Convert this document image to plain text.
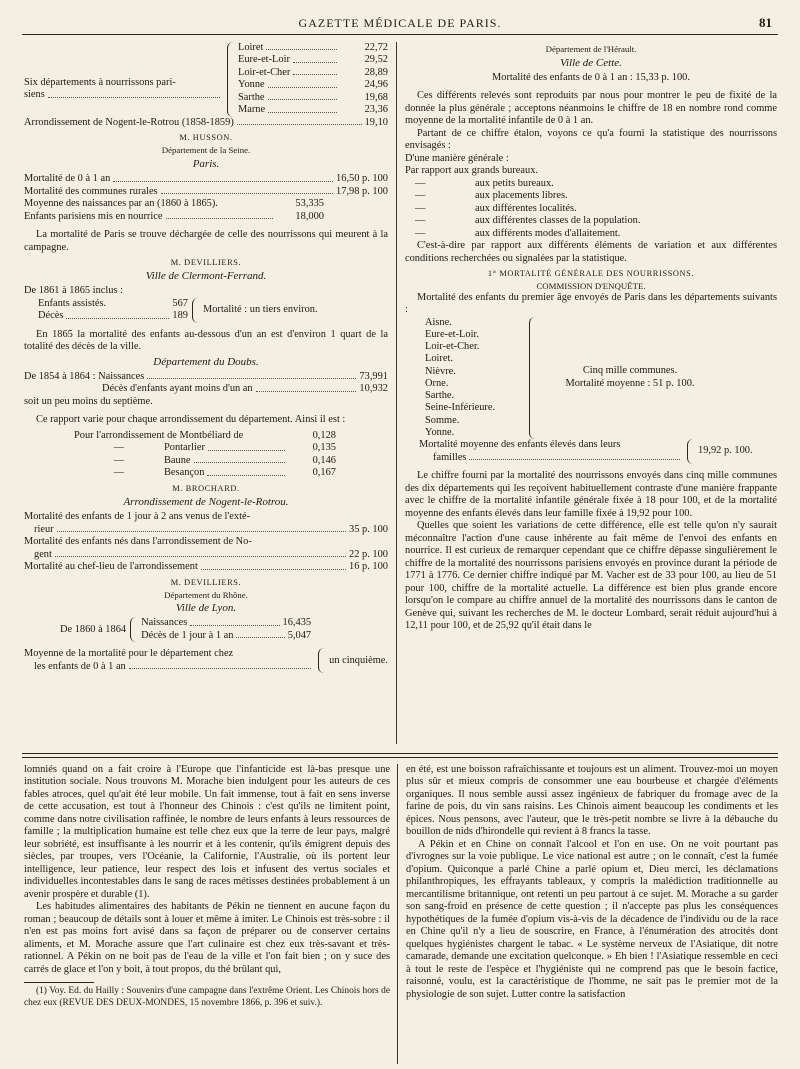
GAZETTE MÉDICALE DE PARIS.	81
Six départements à nourrissons pari-
siens
Loiret	22,72
Eure-et-Loir	29,52
Loir-et-Cher	28,89
Yonne	24,96
Sarthe	19,68
Marne	23,36
Arrondissement de Nogent-le-Rotrou (1858-1859)	19,10
M. HUSSON.
Département de la Seine.
Paris.
Mortalité de 0 à 1 an	16,50 p. 100
Mortalité des communes rurales	17,98 p. 100
Moyenne des naissances par an (1860 à 1865).	53,335
Enfants parisiens mis en nourrice	18,000

La mortalité de Paris se trouve déchargée de celle des nourrissons qui meurent à la campagne.

M. DEVILLIERS.
Ville de Clermont-Ferrand.
De 1861 à 1865 inclus :
Enfants assistés.	567
Décès	189
Mortalité : un tiers environ.

En 1865 la mortalité des enfants au-dessous d'un an est d'environ 1 quart de la totalité des décès de la ville.

Département du Doubs.
De 1854 à 1864 : Naissances	73,991
Décès d'enfants ayant moins d'un an	10,932
soit un peu moins du septième.

Ce rapport varie pour chaque arrondissement du département. Ainsi il est :

Pour l'arrondissement de
Montbéliard de	0,128
—	Pontarlier	0,135
—	Baune	0,146
—	Besançon	0,167
M. BROCHARD.
Arrondissement de Nogent-le-Rotrou.
Mortalité des enfants de 1 jour à 2 ans venus de l'exté-
rieur	35 p. 100
Mortalité des enfants nés dans l'arrondissement de No-
gent	22 p. 100
Mortalité au chef-lieu de l'arrondissement	16 p. 100
M. DEVILLIERS.
Département du Rhône.
Ville de Lyon.
De 1860 à 1864
Naissances	16,435
Décès de 1 jour à 1 an	5,047
Moyenne de la mortalité pour le département chez
les enfants de 0 à 1 an
un cinquième.
Département de l'Hérault.
Ville de Cette.
Mortalité des enfants de 0 à 1 an : 15,33 p. 100.

Ces différents relevés sont reproduits par nous pour montrer le peu de fixité de la donnée la plus générale ; acceptons néanmoins le chiffre de 18 en nombre rond comme moyenne de la mortalité infantile de 0 à 1 an.

Partant de ce chiffre étalon, voyons ce qu'a fourni la statistique des nourrissons envisagés :

D'une manière générale :
Par rapport aux grands bureaux.
—	aux petits bureaux.
—	aux placements libres.
—	aux différentes localités.
—	aux différentes classes de la population.
—	aux différents modes d'allaitement.

C'est-à-dire par rapport aux différents éléments de variation et aux différentes conditions recherchées ou signalées par la statistique.

1° MORTALITÉ GÉNÉRALE DES NOURRISSONS.
COMMISSION D'ENQUÊTE.

Mortalité des enfants du premier âge envoyés de Paris dans les départements suivants :

Aisne.
Eure-et-Loir.
Loir-et-Cher.
Loiret.
Nièvre.
Orne.
Sarthe.
Seine-Inférieure.
Somme.
Yonne.
Cinq mille communes.
Mortalité moyenne : 51 p. 100.
Mortalité moyenne des enfants élevés dans leurs
familles
19,92 p. 100.

Le chiffre fourni par la mortalité des nourrissons envoyés dans cinq mille communes des dix départements qui les reçoivent habituellement contraste d'une manière frappante avec le chiffre de la mortalité infantile générale fixée à 18 pour 100, et de la mortalité moyenne des enfants élevés dans leur famille fixée à 19,92 pour 100.

Quelles que soient les variations de cette différence, elle est telle qu'on n'y saurait méconnaître l'action d'une cause inhérente au fait même de l'envoi des enfants en nourrice. Il est curieux de remarquer cependant que ce chiffre dépasse singulièrement le chiffre de la mortalité des nourrissons parisiens envoyés en province durant la période de 1771 à 1776. Ce dernier chiffre indiqué par M. Vacher est de 33 pour 100, au lieu de 51 pour 100, chiffre de la mortalité actuelle. La différence est bien plus grande encore lorsqu'on le compare au chiffre annuel de la mortalité des nourrissons dans le canton de Genève qui, suivant les recherches de M. le docteur Lombard, serait réduit aujourd'hui à 12,11 pour 100, et de 25,92 qu'il était dans le

lomniés quand on a fait croire à l'Europe que l'infanticide est là-bas presque une institution sociale. Nous trouvons M. Morache bien indulgent pour les auteurs de ces fables atroces, quel qu'ait été leur mobile. Un fait immense, tout à fait en sens inverse de cette accusation, est tout à l'honneur des Chinois : c'est qu'ils ne limitent point, comme dans notre civilisation raffinée, le nombre de leurs enfants à leurs ressources de famille ; la multiplication humaine est telle chez eux que la terre de leur pays, malgré leur sobriété, est insuffisante à les nourrir et à les contenir, qu'ils émigrent depuis des siècles, par troupes, vers l'Océanie, la Californie, l'Australie, où ils portent leur intelligence, leur patience, leur respect des lois et infusent des vertus sociales et individuelles incontestables dans le sang de races métisses destinées probablement à un avenir prospère et durable (1).

Les habitudes alimentaires des habitants de Pékin ne tiennent en aucune façon du roman ; beaucoup de détails sont à louer et même à imiter. Le Chinois est très-sobre : il n'en est pas moins fort avisé dans sa façon de préparer ou de conserver certains aliments, et M. Morache assure que l'art culinaire est chez eux très-savant et très-rationnel. A Pékin on ne boit pas de l'eau de la ville et l'on fait bien ; on y suce des carrés de glace et l'on y boit, à tout propos, du thé brûlant qui,

(1) Voy. Ed. du Hailly : Souvenirs d'une campagne dans l'extrême Orient. Les Chinois hors de chez eux (REVUE DES DEUX-MONDES, 15 novembre 1866, p. 396 et suiv.).

en été, est une boisson rafraîchissante et toujours est un aliment. Trouvez-moi un moyen plus sûr et mieux compris de consommer une eau bourbeuse et chargée d'éléments organiques. Il nous semble aussi assez ingénieux de fabriquer du fromage avec de la farine de pois, du vin sans raisins. Les Chinois aiment beaucoup les condiments et les épices. Nous pensons, avec l'auteur, que le très-petit nombre se livre à la débauche du bouillon de nids d'hirondelle qui revient à 8 francs la tasse.

A Pékin et en Chine on connaît l'alcool et l'on en use. On ne voit pourtant pas d'ivrognes sur la voie publique. Le vice national est autre ; on le connaît, c'est la fumée d'opium. Quiconque a parlé Chine a parlé opium et, Dieu merci, les déclamations philanthropiques, les effrayants tableaux, y compris la malédiction traditionnelle au mercantilisme britannique, ont retenti un peu partout à ce sujet. M. Morache a su garder son sang-froid en présence de cette question ; il n'accepte pas plus les conséquences hypothétiques de la fumée d'opium vis-à-vis de la décadence de l'individu ou de la race en Chine qu'il n'y a lieu de souscrire, en France, à l'énumération des atrocités dont quelques hygiénistes chargent le tabac. « Le système nerveux de l'Asiatique, dit notre camarade, demande une excitation quelconque. » Eh bien ! l'Asiatique ressemble en ceci à tout le reste de l'espèce et l'hygiéniste qui ne comprend pas que le besoin factice, raisonné, voulu, est la caractéristique de l'homme, ne sait pas le premier mot de la physiologie de son sujet. Lutter contre la satisfaction
